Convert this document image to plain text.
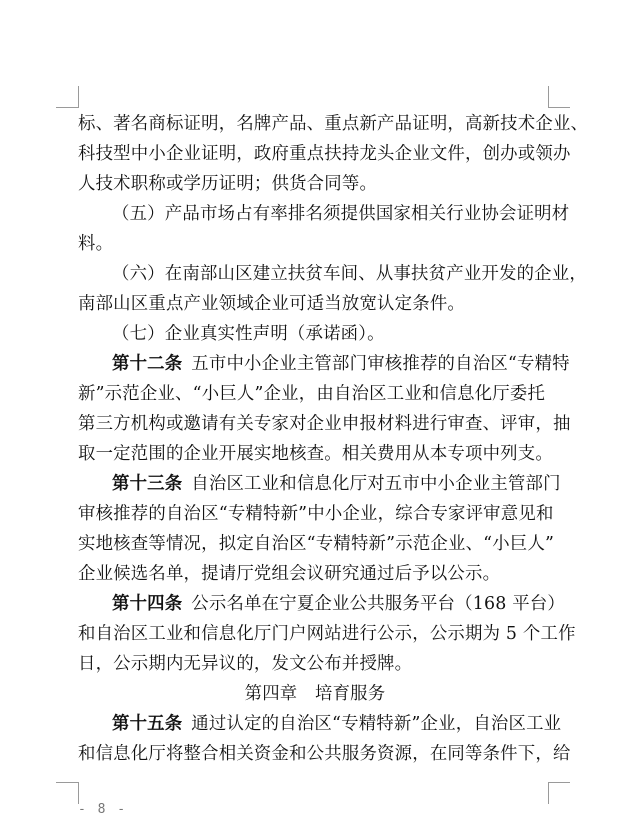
标、著名商标证明，名牌产品、重点新产品证明，高新技术企业、
科技型中小企业证明，政府重点扶持龙头企业文件，创办或领办
人技术职称或学历证明；供货合同等。
（五）产品市场占有率排名须提供国家相关行业协会证明材
料。
（六）在南部山区建立扶贫车间、从事扶贫产业开发的企业，
南部山区重点产业领域企业可适当放宽认定条件。
（七）企业真实性声明（承诺函）。
第十二条  五市中小企业主管部门审核推荐的自治区“专精特
新”示范企业、“小巨人”企业，由自治区工业和信息化厅委托
第三方机构或邀请有关专家对企业申报材料进行审查、评审，抽
取一定范围的企业开展实地核查。相关费用从本专项中列支。
第十三条  自治区工业和信息化厅对五市中小企业主管部门
审核推荐的自治区“专精特新”中小企业，综合专家评审意见和
实地核查等情况，拟定自治区“专精特新”示范企业、“小巨人”
企业候选名单，提请厅党组会议研究通过后予以公示。
第十四条  公示名单在宁夏企业公共服务平台（168 平台）
和自治区工业和信息化厅门户网站进行公示，公示期为 5 个工作
日，公示期内无异议的，发文公布并授牌。
第四章　培育服务
第十五条  通过认定的自治区“专精特新”企业，自治区工业
和信息化厅将整合相关资金和公共服务资源，在同等条件下，给
- 8 -
